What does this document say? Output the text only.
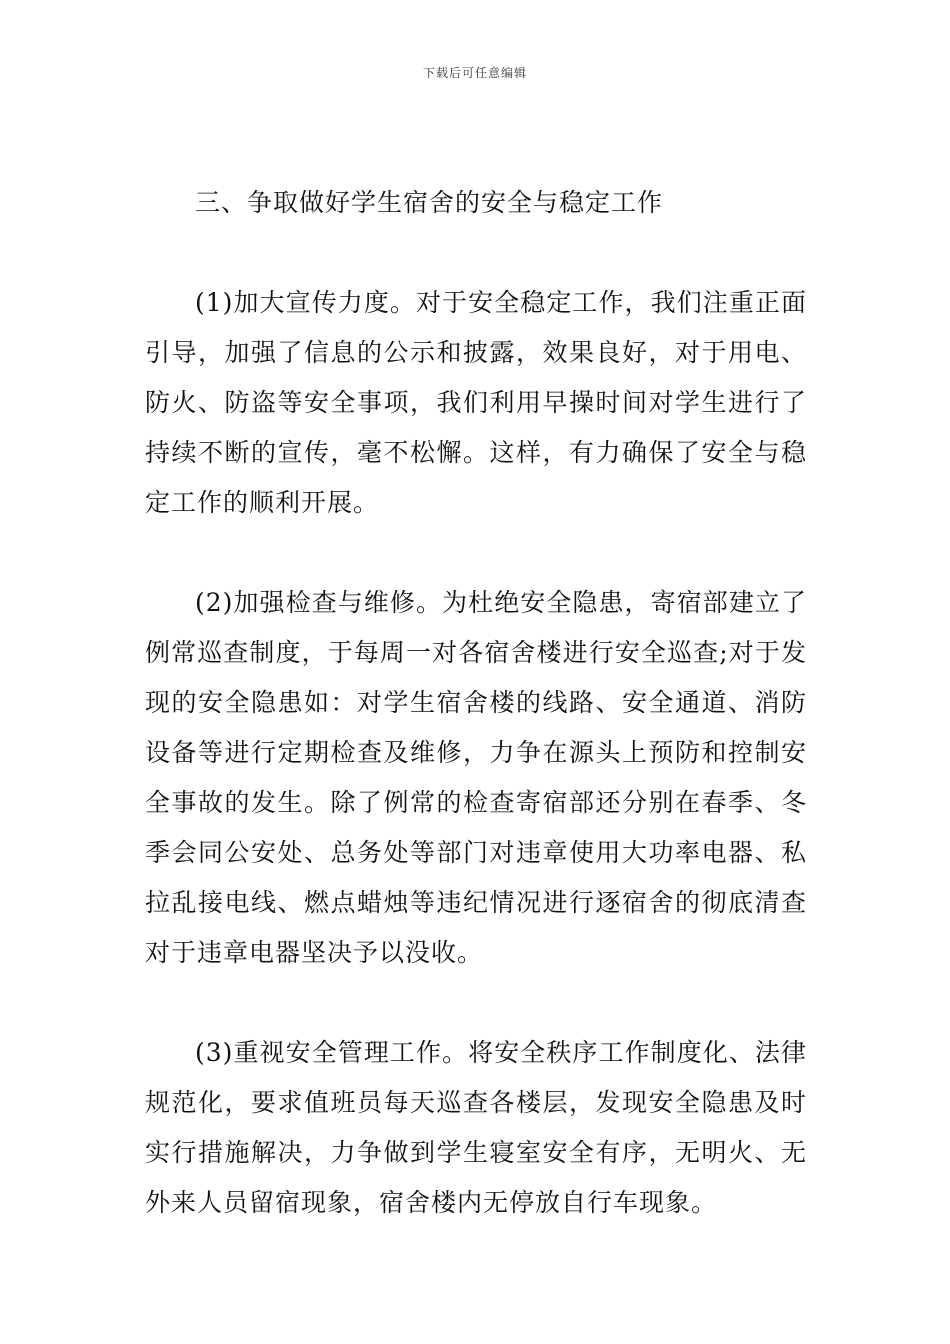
下载后可任意编辑
三、争取做好学生宿舍的安全与稳定工作

(1)加大宣传力度。对于安全稳定工作，我们注重正面引导，加强了信息的公示和披露，效果良好，对于用电、防火、防盗等安全事项，我们利用早操时间对学生进行了持续不断的宣传，毫不松懈。这样，有力确保了安全与稳定工作的顺利开展。

(2)加强检查与维修。为杜绝安全隐患，寄宿部建立了例常巡查制度，于每周一对各宿舍楼进行安全巡查;对于发现的安全隐患如：对学生宿舍楼的线路、安全通道、消防设备等进行定期检查及维修，力争在源头上预防和控制安全事故的发生。除了例常的检查寄宿部还分别在春季、冬季会同公安处、总务处等部门对违章使用大功率电器、私拉乱接电线、燃点蜡烛等违纪情况进行逐宿舍的彻底清查对于违章电器坚决予以没收。

(3)重视安全管理工作。将安全秩序工作制度化、法律规范化，要求值班员每天巡查各楼层，发现安全隐患及时实行措施解决，力争做到学生寝室安全有序，无明火、无外来人员留宿现象，宿舍楼内无停放自行车现象。
